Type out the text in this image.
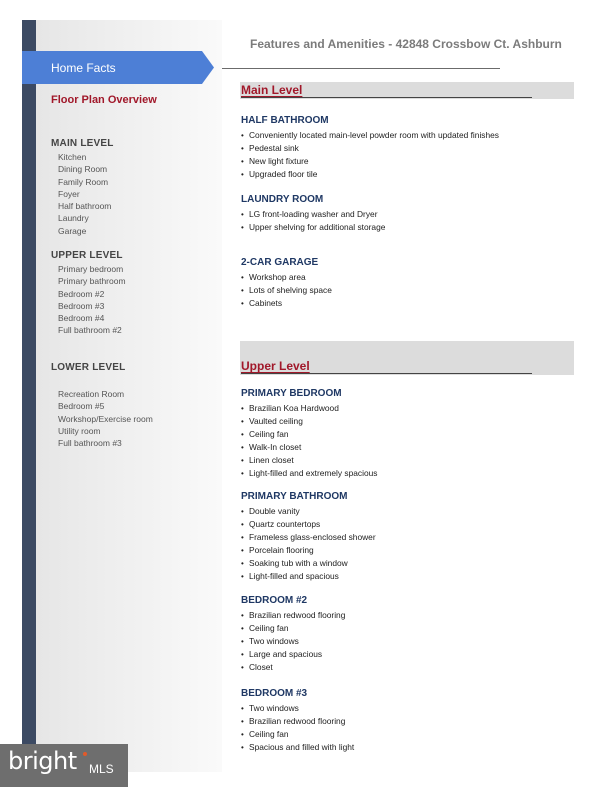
Home Facts
Floor Plan Overview
MAIN LEVEL
Kitchen
Dining Room
Family Room
Foyer
Half bathroom
Laundry
Garage
UPPER LEVEL
Primary bedroom
Primary bathroom
Bedroom #2
Bedroom #3
Bedroom #4
Full bathroom #2
LOWER LEVEL
Recreation Room
Bedroom #5
Workshop/Exercise room
Utility room
Full bathroom #3
Features and Amenities - 42848 Crossbow Ct. Ashburn
Main Level
HALF BATHROOM
• Conveniently located main-level powder room with updated finishes
• Pedestal sink
• New light fixture
• Upgraded floor tile
LAUNDRY ROOM
• LG front-loading washer and Dryer
• Upper shelving for additional storage
2-CAR GARAGE
• Workshop area
• Lots of shelving space
• Cabinets
Upper Level
PRIMARY BEDROOM
• Brazilian Koa Hardwood
• Vaulted ceiling
• Ceiling fan
• Walk-In closet
• Linen closet
• Light-filled and extremely spacious
PRIMARY BATHROOM
• Double vanity
• Quartz countertops
• Frameless glass-enclosed shower
• Porcelain flooring
• Soaking tub with a window
• Light-filled and spacious
BEDROOM #2
• Brazilian redwood flooring
• Ceiling fan
• Two windows
• Large and spacious
• Closet
BEDROOM #3
• Two windows
• Brazilian redwood flooring
• Ceiling fan
• Spacious and filled with light
bright MLS
